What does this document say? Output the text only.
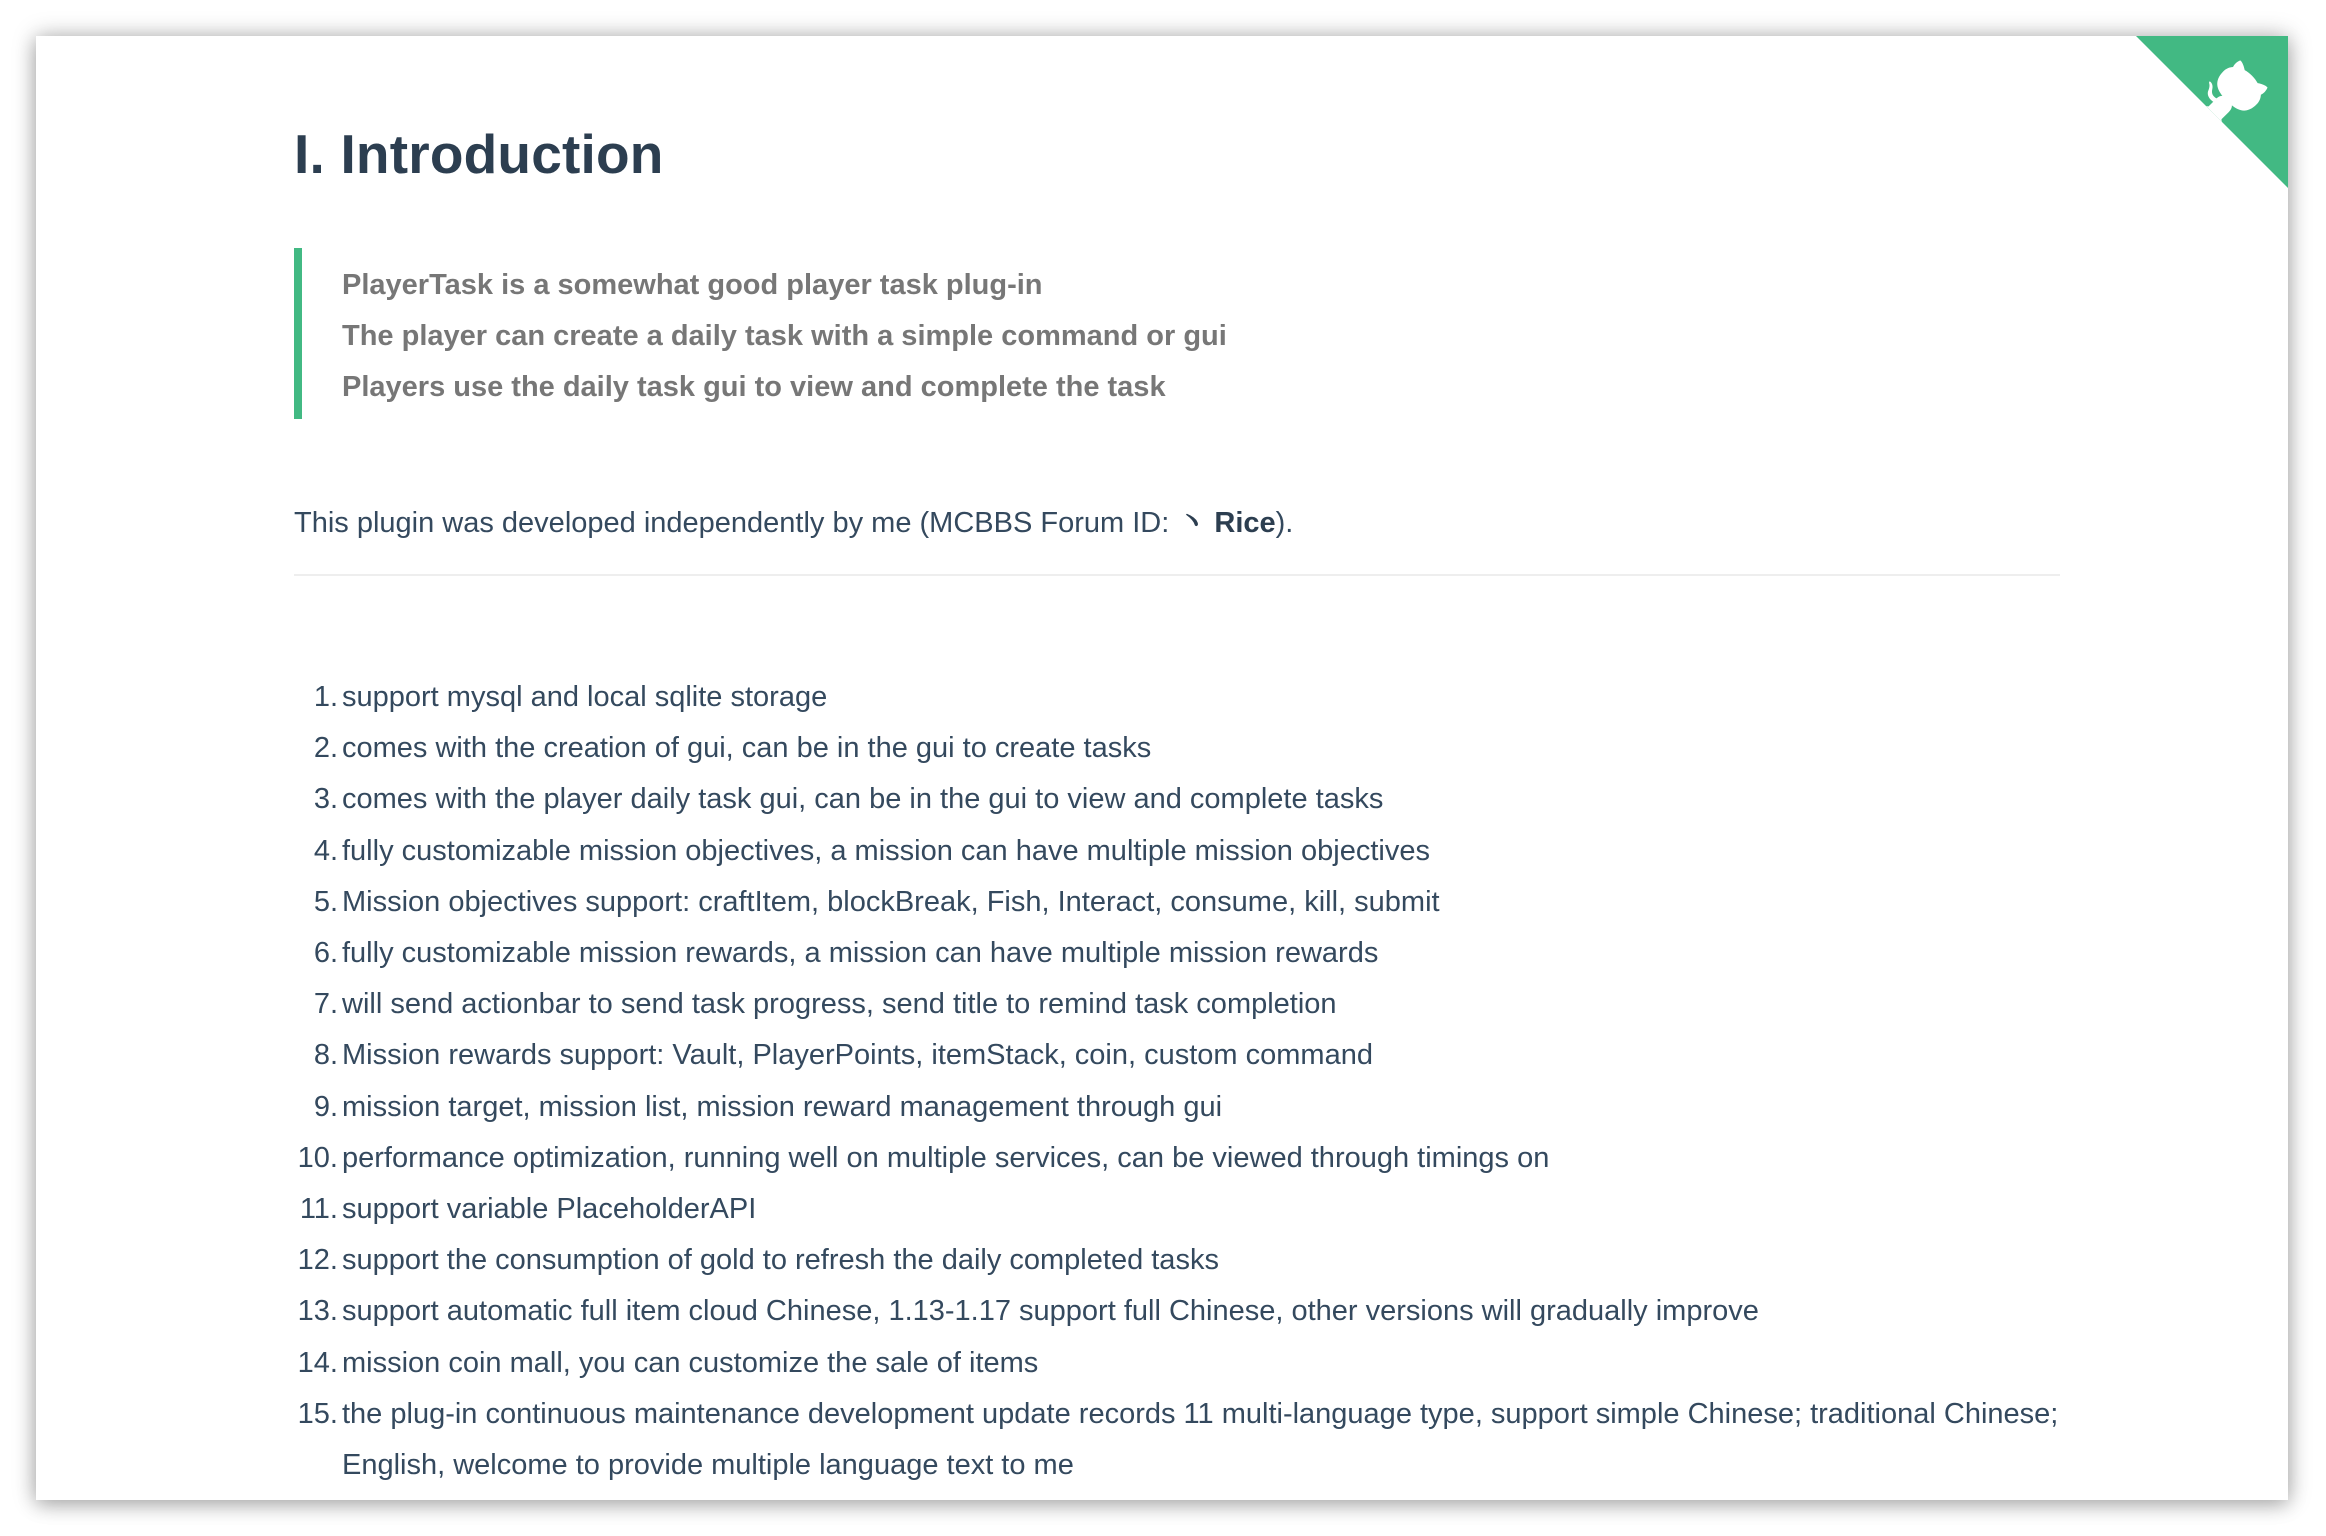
I. Introduction

PlayerTask is a somewhat good player task plug-in

The player can create a daily task with a simple command or gui

Players use the daily task gui to view and complete the task

This plugin was developed independently by me (MCBBS Forum ID: 丶 Rice).

1. support mysql and local sqlite storage
2. comes with the creation of gui, can be in the gui to create tasks
3. comes with the player daily task gui, can be in the gui to view and complete tasks
4. fully customizable mission objectives, a mission can have multiple mission objectives
5. Mission objectives support: craftItem, blockBreak, Fish, Interact, consume, kill, submit
6. fully customizable mission rewards, a mission can have multiple mission rewards
7. will send actionbar to send task progress, send title to remind task completion
8. Mission rewards support: Vault, PlayerPoints, itemStack, coin, custom command
9. mission target, mission list, mission reward management through gui
10. performance optimization, running well on multiple services, can be viewed through timings on
11. support variable PlaceholderAPI
12. support the consumption of gold to refresh the daily completed tasks
13. support automatic full item cloud Chinese, 1.13-1.17 support full Chinese, other versions will gradually improve
14. mission coin mall, you can customize the sale of items
15. the plug-in continuous maintenance development update records 11 multi-language type, support simple Chinese; traditional Chinese; English, welcome to provide multiple language text to me
